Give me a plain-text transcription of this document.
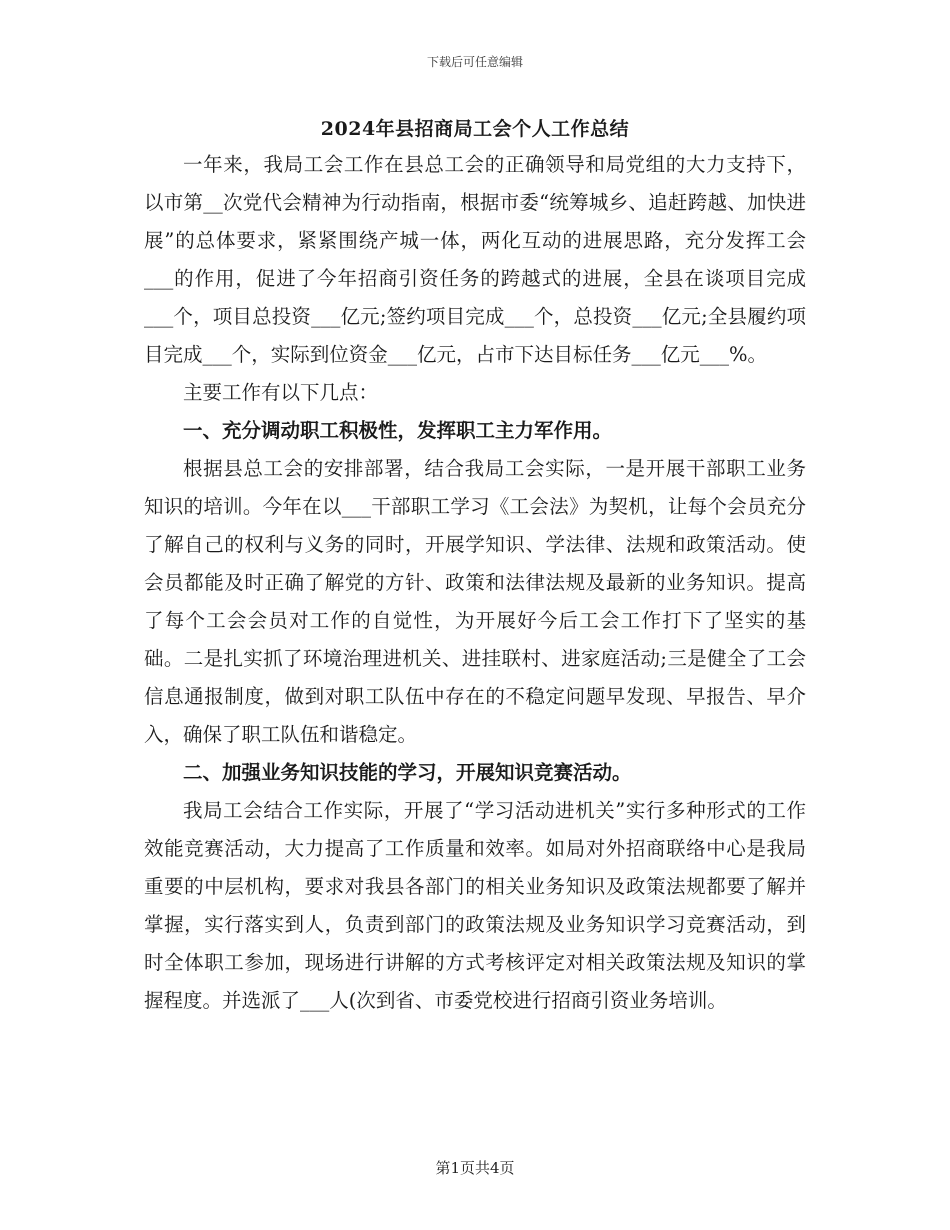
下载后可任意编辑
2024年县招商局工会个人工作总结

一年来，我局工会工作在县总工会的正确领导和局党组的大力支持下，以市第__次党代会精神为行动指南，根据市委“统筹城乡、追赶跨越、加快进展”的总体要求，紧紧围绕产城一体，两化互动的进展思路，充分发挥工会___的作用，促进了今年招商引资任务的跨越式的进展，全县在谈项目完成___个，项目总投资___亿元;签约项目完成___个，总投资___亿元;全县履约项目完成___个，实际到位资金___亿元，占市下达目标任务___亿元___%。

主要工作有以下几点：

一、充分调动职工积极性，发挥职工主力军作用。

根据县总工会的安排部署，结合我局工会实际，一是开展干部职工业务知识的培训。今年在以___干部职工学习《工会法》为契机，让每个会员充分了解自己的权利与义务的同时，开展学知识、学法律、法规和政策活动。使会员都能及时正确了解党的方针、政策和法律法规及最新的业务知识。提高了每个工会会员对工作的自觉性，为开展好今后工会工作打下了坚实的基础。二是扎实抓了环境治理进机关、进挂联村、进家庭活动;三是健全了工会信息通报制度，做到对职工队伍中存在的不稳定问题早发现、早报告、早介入，确保了职工队伍和谐稳定。

二、加强业务知识技能的学习，开展知识竞赛活动。

我局工会结合工作实际，开展了“学习活动进机关”实行多种形式的工作效能竞赛活动，大力提高了工作质量和效率。如局对外招商联络中心是我局重要的中层机构，要求对我县各部门的相关业务知识及政策法规都要了解并掌握，实行落实到人，负责到部门的政策法规及业务知识学习竞赛活动，到时全体职工参加，现场进行讲解的方式考核评定对相关政策法规及知识的掌握程度。并选派了___人(次到省、市委党校进行招商引资业务培训。

第1页共4页
